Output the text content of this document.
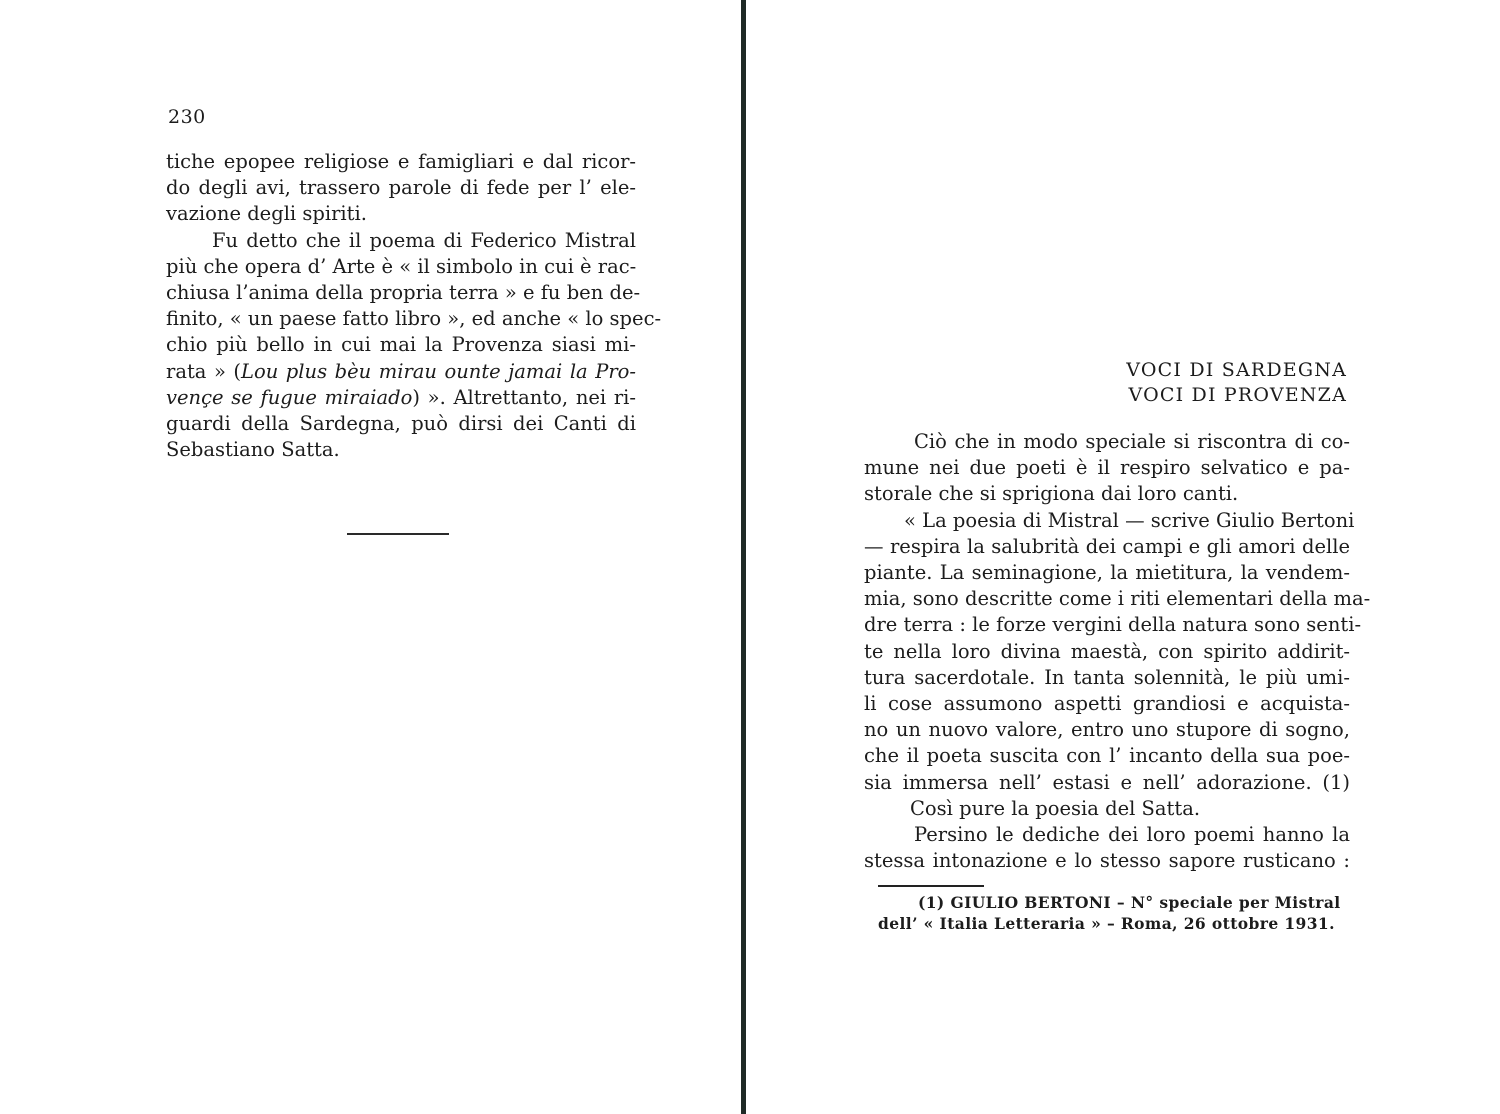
230

tiche epopee religiose e famigliari e dal ricor-
do degli avi, trassero parole di fede per l’ ele-
vazione degli spiriti.

Fu detto che il poema di Federico Mistral
più che opera d’ Arte è « il simbolo in cui è rac-
chiusa l’anima della propria terra » e fu ben de-
finito, « un paese fatto libro », ed anche « lo spec-
chio più bello in cui mai la Provenza siasi mi-
rata » (Lou plus bèu mirau ounte jamai la Pro-
vençe se fugue miraiado) ». Altrettanto, nei ri-
guardi della Sardegna, può dirsi dei Canti di
Sebastiano Satta.

VOCI DI SARDEGNA
VOCI DI PROVENZA

Ciò che in modo speciale si riscontra di co-
mune nei due poeti è il respiro selvatico e pa-
storale che si sprigiona dai loro canti.

« La poesia di Mistral — scrive Giulio Bertoni
— respira la salubrità dei campi e gli amori delle
piante. La seminagione, la mietitura, la vendem-
mia, sono descritte come i riti elementari della ma-
dre terra : le forze vergini della natura sono senti-
te nella loro divina maestà, con spirito addirit-
tura sacerdotale. In tanta solennità, le più umi-
li cose assumono aspetti grandiosi e acquista-
no un nuovo valore, entro uno stupore di sogno,
che il poeta suscita con l’ incanto della sua poe-
sia immersa nell’ estasi e nell’ adorazione. (1)

Così pure la poesia del Satta.

Persino le dediche dei loro poemi hanno la
stessa intonazione e lo stesso sapore rusticano :

(1) GIULIO BERTONI – N° speciale per Mistral
dell’ « Italia Letteraria » – Roma, 26 ottobre 1931.
